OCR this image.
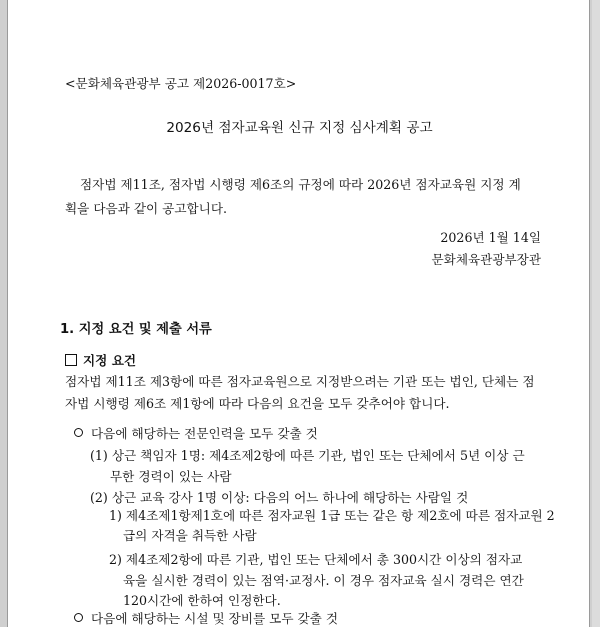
<문화체육관광부 공고 제2026-0017호>
2026년 점자교육원 신규 지정 심사계획 공고
점자법 제11조, 점자법 시행령 제6조의 규정에 따라 2026년 점자교육원 지정 계
획을 다음과 같이 공고합니다.
2026년 1월 14일
문화체육관광부장관
1. 지정 요건 및 제출 서류
지정 요건
점자법 제11조 제3항에 따른 점자교육원으로 지정받으려는 기관 또는 법인, 단체는 점
자법 시행령 제6조 제1항에 따라 다음의 요건을 모두 갖추어야 합니다.
다음에 해당하는 전문인력을 모두 갖출 것
(1) 상근 책임자 1명: 제4조제2항에 따른 기관, 법인 또는 단체에서 5년 이상 근
무한 경력이 있는 사람
(2) 상근 교육 강사 1명 이상: 다음의 어느 하나에 해당하는 사람일 것
1) 제4조제1항제1호에 따른 점자교원 1급 또는 같은 항 제2호에 따른 점자교원 2
급의 자격을 취득한 사람
2) 제4조제2항에 따른 기관, 법인 또는 단체에서 총 300시간 이상의 점자교
육을 실시한 경력이 있는 점역·교정사. 이 경우 점자교육 실시 경력은 연간
120시간에 한하여 인정한다.
다음에 해당하는 시설 및 장비를 모두 갖출 것
